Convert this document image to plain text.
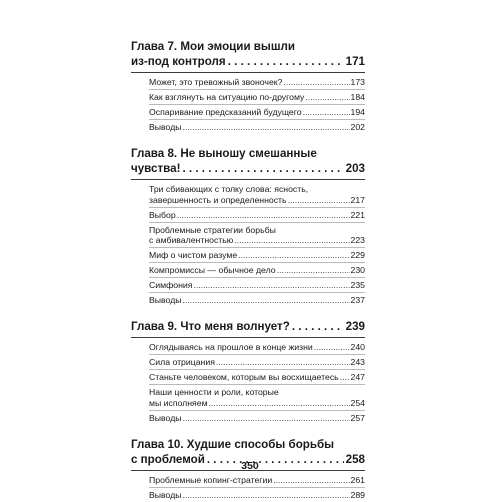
Глава 7. Мои эмоции вышли
из-под контроля . . .	171
Может, это тревожный звоночек? .....	173
Как взглянуть на ситуацию по-другому .....	184
Оспаривание предсказаний будущего .....	194
Выводы .....	202
Глава 8. Не выношу смешанные
чувства! . . .	203
Три сбивающих с толку слова: ясность,
завершенность и определенность .....	217
Выбор .....	221
Проблемные стратегии борьбы
с амбивалентностью .....	223
Миф о чистом разуме .....	229
Компромиссы — обычное дело .....	230
Симфония .....	235
Выводы .....	237
Глава 9. Что меня волнует? . . .	239
Оглядываясь на прошлое в конце жизни .....	240
Сила отрицания .....	243
Станьте человеком, которым вы восхищаетесь ..... 247
Наши ценности и роли, которые
мы исполняем .....	254
Выводы .....	257
Глава 10. Худшие способы борьбы
с проблемой . . .	258
Проблемные копинг-стратегии .....	261
Выводы .....	289
350
